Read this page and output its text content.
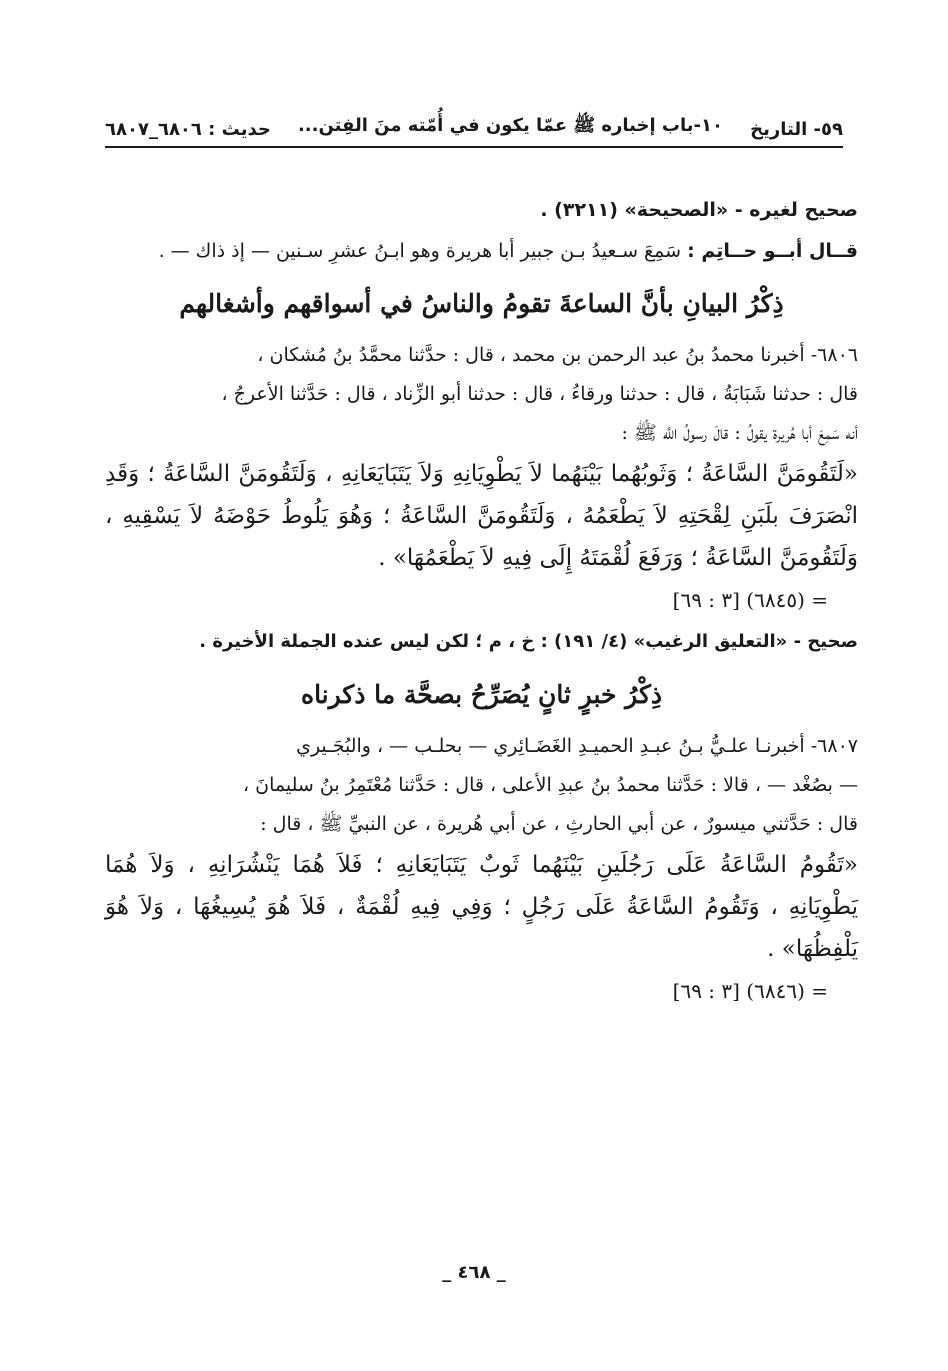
حديث : ٦٨٠٦_٦٨٠٧ ١٠-باب إخباره ﷺ عمّا يكون في أُمّته منَ الفِتن... ٥٩- التاريخ

صحيح لغيره - «الصحيحة» (٣٢١١) .

قــال أبــو حــاتِم : سَمِعَ سـعيدُ بـن جبير أبا هريرة وهو ابـنُ عشرِ سـنين — إذ ذاك — .

ذِكْرُ البيانِ بأنَّ الساعةَ تقومُ والناسُ في أسواقهم وأشغالهم

٦٨٠٦- أخبرنا محمدُ بنُ عبد الرحمن بن محمد ، قال : حدَّثنا محمَّدُ بنُ مُشكان ،

قال : حدثنا شَبَابَةُ ، قال : حدثنا ورقاءُ ، قال : حدثنا أبو الزِّناد ، قال : حَدَّثنا الأعرجُ ،

أنه سَمِعَ أبا هُريرة يقولُ : قالَ رسولُ اللَّه ﷺ :

«لَتَقُومَنَّ السَّاعَةُ ؛ وَثَوبُهُما بَيْنَهُما لاَ يَطْوِيَانِهِ وَلاَ يَتَبَايَعَانِهِ ، وَلَتَقُومَنَّ السَّاعَةُ ؛ وَقَدِ انْصَرَفَ بلَبَنِ لِقْحَتِهِ لاَ يَطْعَمُهُ ، وَلَتَقُومَنَّ السَّاعَةُ ؛ وَهُوَ يَلُوطُ حَوْضَهُ لاَ يَسْقِيهِ ، وَلَتَقُومَنَّ السَّاعَةُ ؛ وَرَفَعَ لُقْمَتَهُ إِلَى فِيهِ لاَ يَطْعَمُهَا» .

= (٦٨٤٥) [٣ : ٦٩]

صحيح - «التعليق الرغيب» (٤/ ١٩١) : خ ، م ؛ لكن ليس عنده الجملة الأخيرة .

ذِكْرُ خبرٍ ثانٍ يُصَرِّحُ بصحَّة ما ذكرناه

٦٨٠٧- أخبرنـا علـيُّ بـنُ عبـدِ الحميـدِ الغَضَـائِري — بحلـب — ، والبُجَـيري

— بصُغْد — ، قالا : حَدَّثنا محمدُ بنُ عبدِ الأعلى ، قال : حَدَّثنا مُعْتَمِرُ بنُ سليمانَ ،

قال : حَدَّثني ميسورٌ ، عن أبي الحارثِ ، عن أبي هُريرة ، عن النبيِّ ﷺ ، قال :

«تَقُومُ السَّاعَةُ عَلَى رَجُلَينِ بَيْنَهُما ثَوبٌ يَتَبَايَعَانِهِ ؛ فَلاَ هُمَا يَنْشُرَانِهِ ، وَلاَ هُمَا يَطْوِيَانِهِ ، وَتَقُومُ السَّاعَةُ عَلَى رَجُلٍ ؛ وَفِي فِيهِ لُقْمَةٌ ، فَلاَ هُوَ يُسِيغُهَا ، وَلاَ هُوَ يَلْفِظُهَا» .

= (٦٨٤٦) [٣ : ٦٩]

_ ٤٦٨ _
